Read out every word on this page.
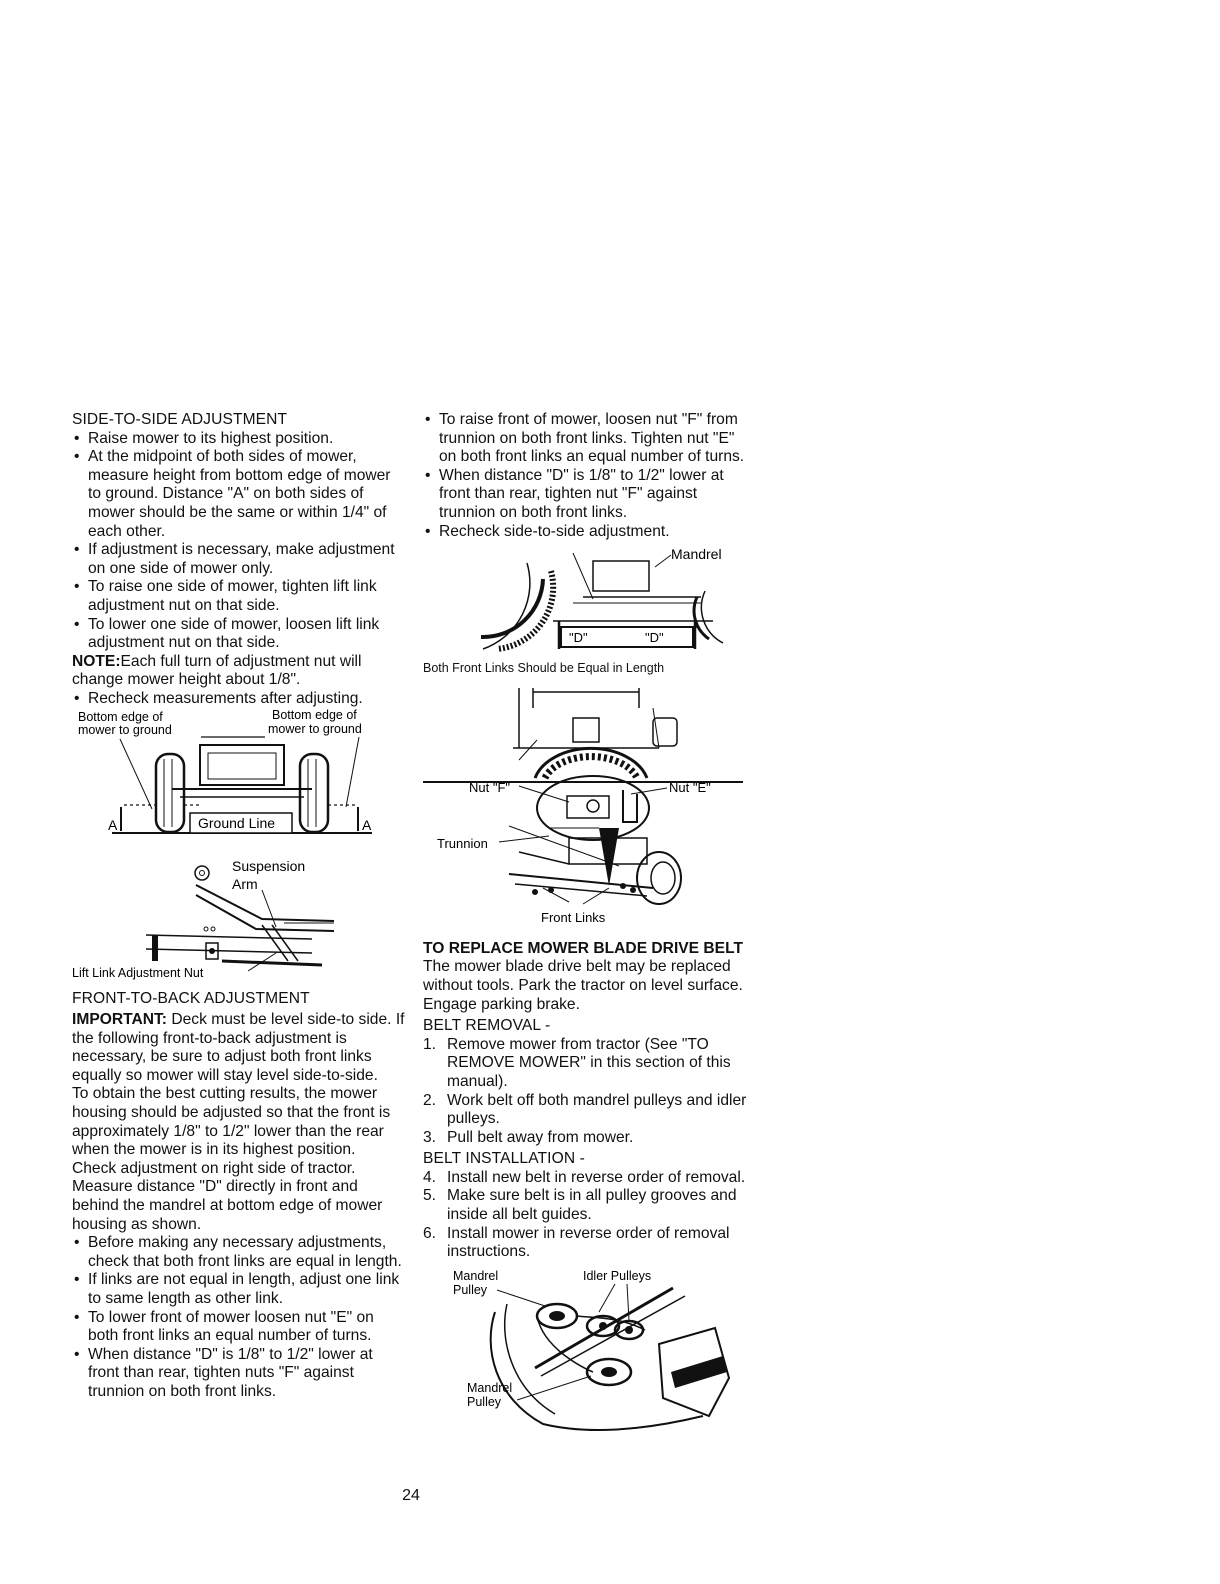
SIDE-TO-SIDE ADJUSTMENT

• Raise mower to its highest position.
• At the midpoint of both sides of mower, measure height from bottom edge of mower to ground. Distance "A" on both sides of mower should be the same or within 1/4" of each other.
• If adjustment is necessary, make adjustment on one side of mower only.
• To raise one side of mower, tighten lift link adjustment nut on that side.
• To lower one side of mower, loosen lift link adjustment nut on that side.

NOTE:Each full turn of adjustment nut will change mower height about 1/8".

• Recheck measurements after adjusting.
Bottom edge of
mower to ground
Bottom edge of
mower to ground
Ground Line
A	A
Suspension
Arm
Lift Link Adjustment Nut

FRONT-TO-BACK ADJUSTMENT

IMPORTANT: Deck must be level side-to side. If the following front-to-back adjustment is necessary, be sure to adjust both front links equally so mower will stay level side-to-side.

To obtain the best cutting results, the mower housing should be adjusted so that the front is approximately 1/8" to 1/2" lower than the rear when the mower is in its highest position.

Check adjustment on right side of tractor. Measure distance "D" directly in front and behind the mandrel at bottom edge of mower housing as shown.

• Before making any necessary adjustments, check that both front links are equal in length.
• If links are not equal in length, adjust one link to same length as other link.
• To lower front of mower loosen nut "E" on both front links an equal number of turns.
• When distance "D" is 1/8" to 1/2" lower at front than rear, tighten nuts "F" against trunnion on both front links.
• To raise front of mower, loosen nut "F" from trunnion on both front links. Tighten nut "E" on both front links an equal number of turns.
• When distance "D" is 1/8" to 1/2" lower at front than rear, tighten nut "F" against trunnion on both front links.
• Recheck side-to-side adjustment.
Mandrel
"D"	"D"

Both Front Links Should be Equal in Length

Nut "F"	Nut "E"
Trunnion
Front Links

TO REPLACE MOWER BLADE DRIVE BELT

The mower blade drive belt may be replaced without tools. Park the tractor on level surface. Engage parking brake.

BELT REMOVAL -

1. Remove mower from tractor (See "TO REMOVE MOWER" in this section of this manual).
2. Work belt off both mandrel pulleys and idler pulleys.
3. Pull belt away from mower.

BELT INSTALLATION -

4. Install new belt in reverse order of removal.
5. Make sure belt is in all pulley grooves and inside all belt guides.
6. Install mower in reverse order of removal instructions.
Mandrel
Pulley
Idler Pulleys
Mandrel
Pulley
24
